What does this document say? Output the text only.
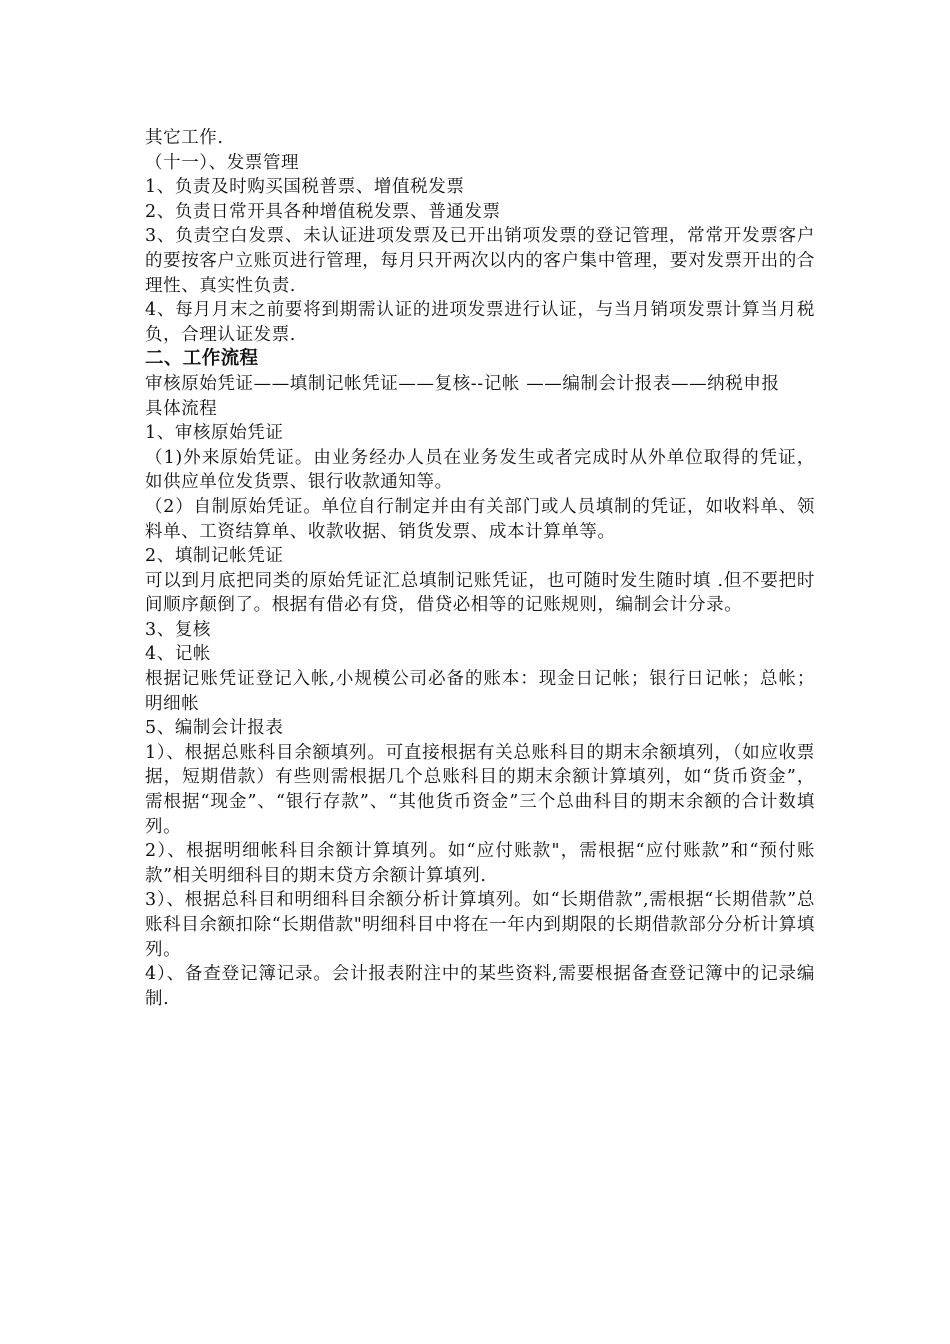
其它工作.

（十一）、发票管理

1、负责及时购买国税普票、增值税发票

2、负责日常开具各种增值税发票、普通发票

3、负责空白发票、未认证进项发票及已开出销项发票的登记管理，常常开发票客户的要按客户立账页进行管理，每月只开两次以内的客户集中管理，要对发票开出的合理性、真实性负责.

4、每月月末之前要将到期需认证的进项发票进行认证，与当月销项发票计算当月税负，合理认证发票.

二、工作流程

审核原始凭证——填制记帐凭证——复核--记帐 ——编制会计报表——纳税申报

具体流程

1、审核原始凭证

（1)外来原始凭证。由业务经办人员在业务发生或者完成时从外单位取得的凭证，如供应单位发货票、银行收款通知等。

（2）自制原始凭证。单位自行制定并由有关部门或人员填制的凭证，如收料单、领料单、工资结算单、收款收据、销货发票、成本计算单等。

2、填制记帐凭证

可以到月底把同类的原始凭证汇总填制记账凭证，也可随时发生随时填 .但不要把时间顺序颠倒了。根据有借必有贷，借贷必相等的记账规则，编制会计分录。

3、复核

4、记帐

根据记账凭证登记入帐,小规模公司必备的账本：现金日记帐；银行日记帐；总帐；明细帐

5、编制会计报表

1）、根据总账科目余额填列。可直接根据有关总账科目的期末余额填列，（如应收票据，短期借款）有些则需根据几个总账科目的期末余额计算填列，如“货币资金”，需根据“现金”、“银行存款”、“其他货币资金”三个总曲科目的期末余额的合计数填列。

2）、根据明细帐科目余额计算填列。如“应付账款"，需根据“应付账款”和“预付账款”相关明细科目的期末贷方余额计算填列.

3）、根据总科目和明细科目余额分析计算填列。如“长期借款”,需根据“长期借款”总账科目余额扣除“长期借款"明细科目中将在一年内到期限的长期借款部分分析计算填列。

4）、备查登记簿记录。会计报表附注中的某些资料,需要根据备查登记簿中的记录编制.
